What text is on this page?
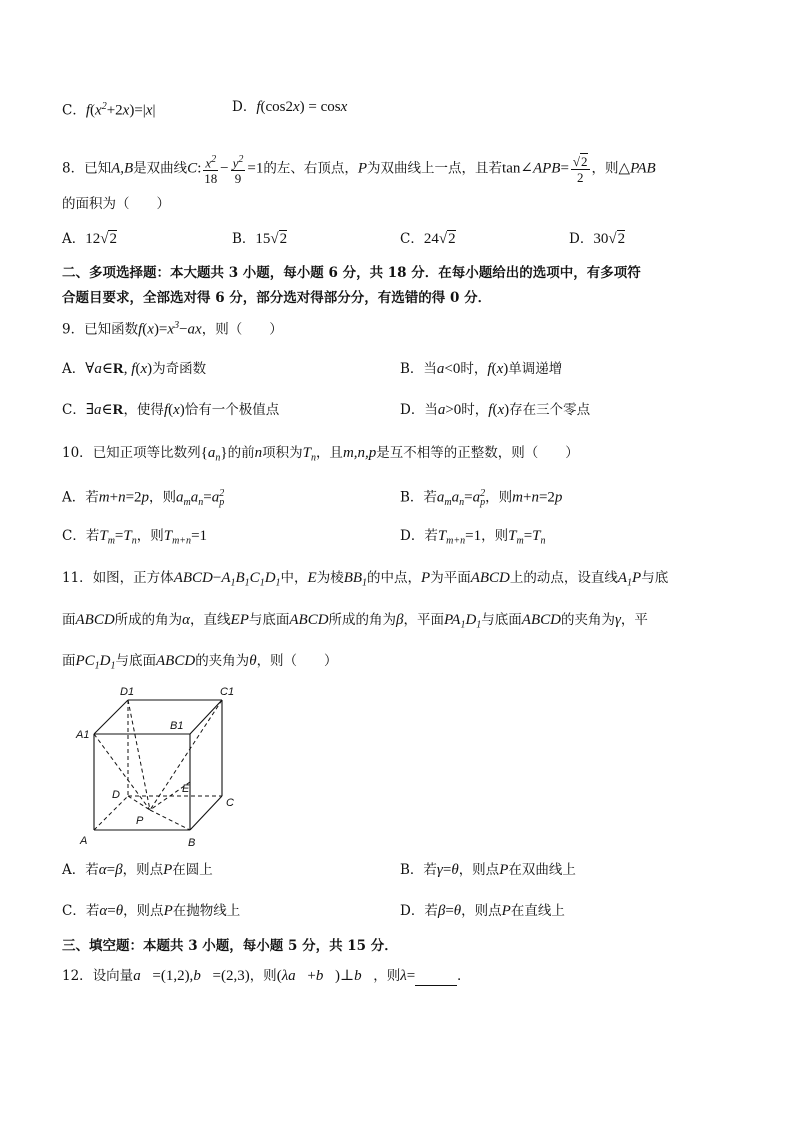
C．$f(x^2+2x)=|x|$	D．f(cos2x) = cosx
8．已知A,B是双曲线C: $\frac{x^2}{18} - \frac{y^2}{9} =1$的左、右顶点，P为双曲线上一点，且若tan∠APB= $\frac{√2}{2}$ ，则△PAB
的面积为（　　）
A．12√2	B．15√2	C．24√2	D．30√2
二、多项选择题：本大题共 3 小题，每小题 6 分，共 18 分．在每小题给出的选项中，有多项符
合题目要求，全部选对得 6 分，部分选对得部分分，有选错的得 0 分．
9．已知函数$f(x)=x^3-ax$，则（　　）
A．∀a∈R, f(x)为奇函数	B．当a<0时，f(x)单调递增
C．∃a∈R，使得f(x)恰有一个极值点	D．当a>0时，f(x)存在三个零点
10．已知正项等比数列$\{a_n\}$的前n项积为$T_n$，且m,n,p是互不相等的正整数，则（　　）
A．若m+n=2p，则$a_ma_n=a_p^2$	B．若$a_ma_n=a_p^2$，则m+n=2p
C．若$T_m=T_n$，则$T_{m+n}=1$	D．若$T_{m+n}=1$，则$T_m=T_n$
11．如图，正方体$ABCD-A_1B_1C_1D_1$中，E为棱$BB_1$的中点，P为平面ABCD上的动点，设直线$A_1P$与底
面ABCD所成的角为α，直线EP与底面ABCD所成的角为β，平面$PA_1D_1$与底面ABCD的夹角为γ，平
面$PC_1D_1$与底面ABCD的夹角为θ，则（　　）
D1	C1
A1
B1
D	E
C
P
A	B
A．若α=β，则点P在圆上	B．若γ=θ，则点P在双曲线上
C．若α=θ，则点P在抛物线上	D．若β=θ，则点P在直线上
三、填空题：本题共 3 小题，每小题 5 分，共 15 分．
12．设向量a⃗=(1,2),b⃗=(2,3)，则(λa⃗+b⃗)⊥b⃗，则λ=	.
